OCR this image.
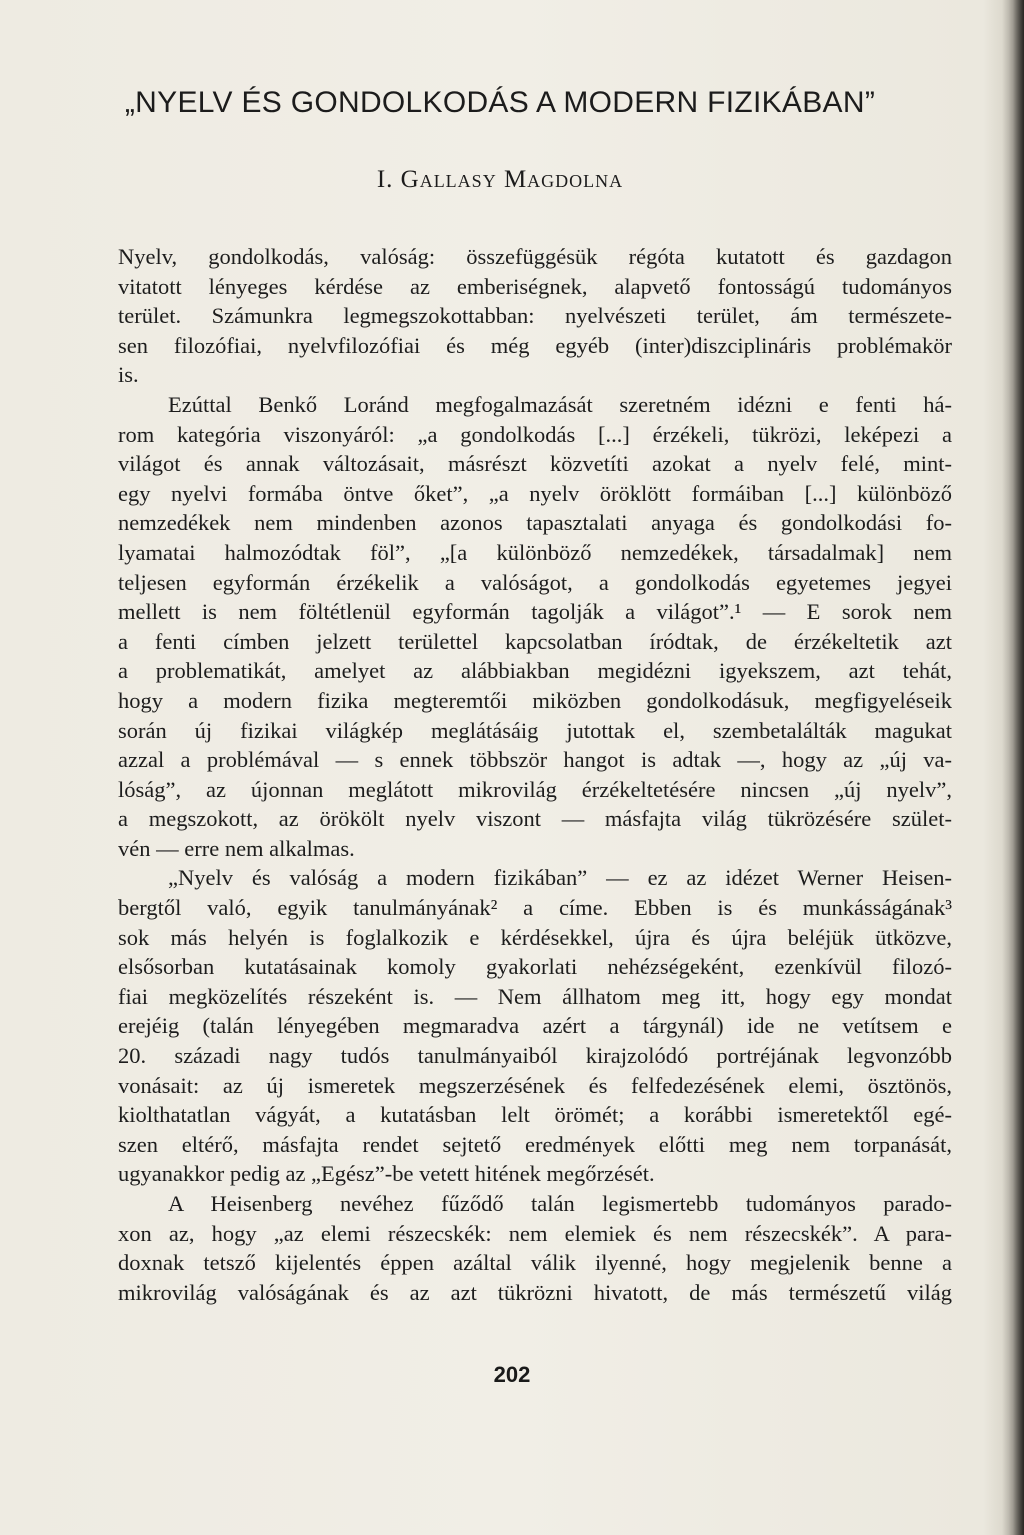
„NYELV ÉS GONDOLKODÁS A MODERN FIZIKÁBAN”
I. Gallasy Magdolna
Nyelv, gondolkodás, valóság: összefüggésük régóta kutatott és gazdagon
vitatott lényeges kérdése az emberiségnek, alapvető fontosságú tudományos
terület. Számunkra legmegszokottabban: nyelvészeti terület, ám természete-
sen filozófiai, nyelvfilozófiai és még egyéb (inter)diszciplináris problémakör
is.
Ezúttal Benkő Loránd megfogalmazását szeretném idézni e fenti há-
rom kategória viszonyáról: „a gondolkodás [...] érzékeli, tükrözi, leképezi a
világot és annak változásait, másrészt közvetíti azokat a nyelv felé, mint-
egy nyelvi formába öntve őket”, „a nyelv öröklött formáiban [...] különböző
nemzedékek nem mindenben azonos tapasztalati anyaga és gondolkodási fo-
lyamatai halmozódtak föl”, „[a különböző nemzedékek, társadalmak] nem
teljesen egyformán érzékelik a valóságot, a gondolkodás egyetemes jegyei
mellett is nem föltétlenül egyformán tagolják a világot”.¹ — E sorok nem
a fenti címben jelzett területtel kapcsolatban íródtak, de érzékeltetik azt
a problematikát, amelyet az alábbiakban megidézni igyekszem, azt tehát,
hogy a modern fizika megteremtői miközben gondolkodásuk, megfigyeléseik
során új fizikai világkép meglátásáig jutottak el, szembetalálták magukat
azzal a problémával — s ennek többször hangot is adtak —, hogy az „új va-
lóság”, az újonnan meglátott mikrovilág érzékeltetésére nincsen „új nyelv”,
a megszokott, az örökölt nyelv viszont — másfajta világ tükrözésére szület-
vén — erre nem alkalmas.
„Nyelv és valóság a modern fizikában” — ez az idézet Werner Heisen-
bergtől való, egyik tanulmányának² a címe. Ebben is és munkásságának³
sok más helyén is foglalkozik e kérdésekkel, újra és újra beléjük ütközve,
elsősorban kutatásainak komoly gyakorlati nehézségeként, ezenkívül filozó-
fiai megközelítés részeként is. — Nem állhatom meg itt, hogy egy mondat
erejéig (talán lényegében megmaradva azért a tárgynál) ide ne vetítsem e
20. századi nagy tudós tanulmányaiból kirajzolódó portréjának legvonzóbb
vonásait: az új ismeretek megszerzésének és felfedezésének elemi, ösztönös,
kiolthatatlan vágyát, a kutatásban lelt örömét; a korábbi ismeretektől egé-
szen eltérő, másfajta rendet sejtető eredmények előtti meg nem torpanását,
ugyanakkor pedig az „Egész”-be vetett hitének megőrzését.
A Heisenberg nevéhez fűződő talán legismertebb tudományos parado-
xon az, hogy „az elemi részecskék: nem elemiek és nem részecskék”. A para-
doxnak tetsző kijelentés éppen azáltal válik ilyenné, hogy megjelenik benne a
mikrovilág valóságának és az azt tükrözni hivatott, de más természetű világ
202
